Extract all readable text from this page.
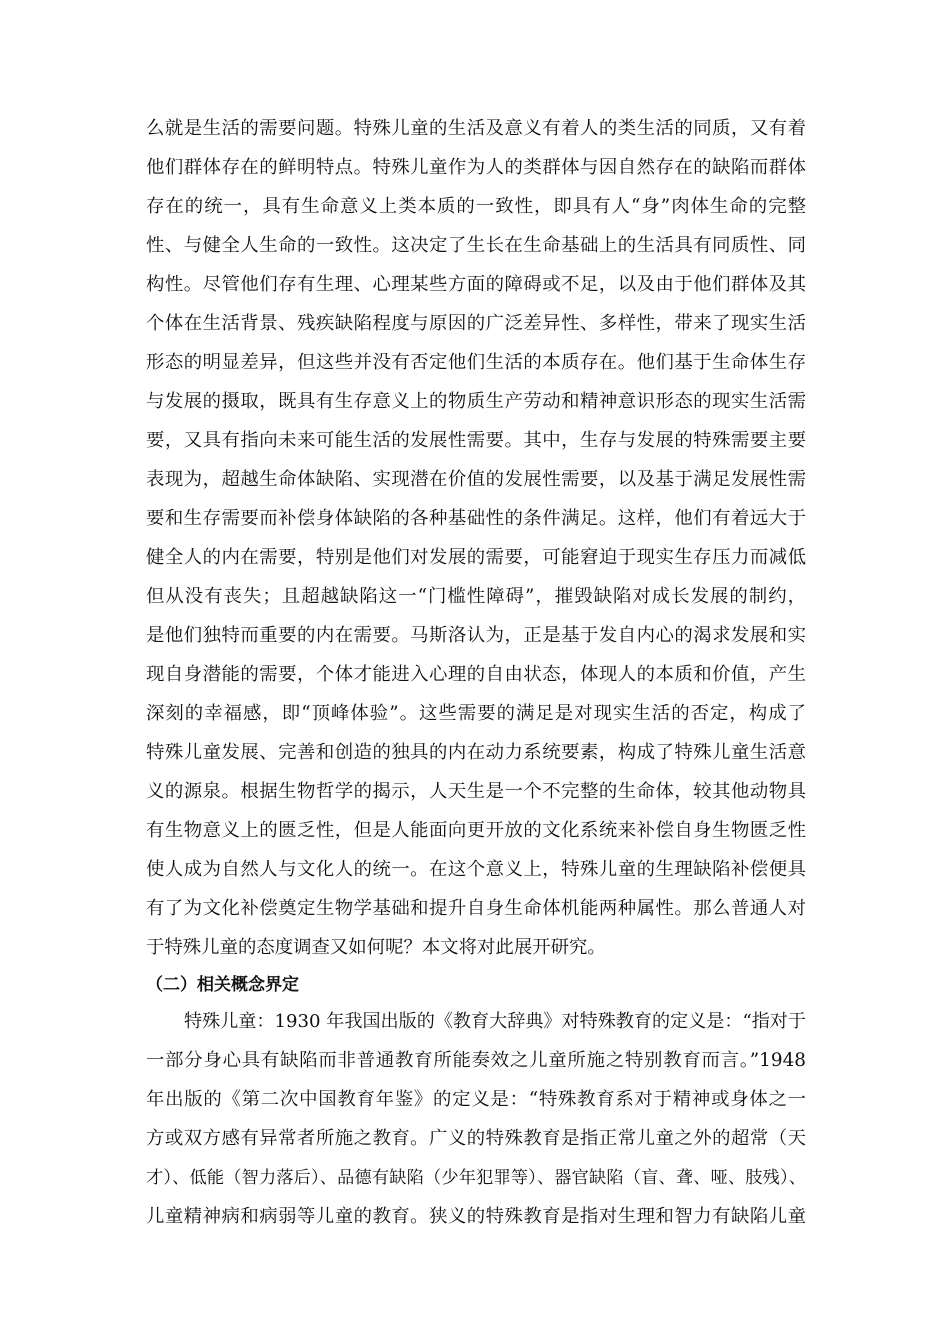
么就是生活的需要问题。特殊儿童的生活及意义有着人的类生活的同质，又有着
他们群体存在的鲜明特点。特殊儿童作为人的类群体与因自然存在的缺陷而群体
存在的统一，具有生命意义上类本质的一致性，即具有人“身”肉体生命的完整
性、与健全人生命的一致性。这决定了生长在生命基础上的生活具有同质性、同
构性。尽管他们存有生理、心理某些方面的障碍或不足，以及由于他们群体及其
个体在生活背景、残疾缺陷程度与原因的广泛差异性、多样性，带来了现实生活
形态的明显差异，但这些并没有否定他们生活的本质存在。他们基于生命体生存
与发展的摄取，既具有生存意义上的物质生产劳动和精神意识形态的现实生活需
要，又具有指向未来可能生活的发展性需要。其中，生存与发展的特殊需要主要
表现为，超越生命体缺陷、实现潜在价值的发展性需要，以及基于满足发展性需
要和生存需要而补偿身体缺陷的各种基础性的条件满足。这样，他们有着远大于
健全人的内在需要，特别是他们对发展的需要，可能窘迫于现实生存压力而减低
但从没有丧失；且超越缺陷这一“门槛性障碍”，摧毁缺陷对成长发展的制约，
是他们独特而重要的内在需要。马斯洛认为，正是基于发自内心的渴求发展和实
现自身潜能的需要，个体才能进入心理的自由状态，体现人的本质和价值，产生
深刻的幸福感，即“顶峰体验”。这些需要的满足是对现实生活的否定，构成了
特殊儿童发展、完善和创造的独具的内在动力系统要素，构成了特殊儿童生活意
义的源泉。根据生物哲学的揭示，人天生是一个不完整的生命体，较其他动物具
有生物意义上的匮乏性，但是人能面向更开放的文化系统来补偿自身生物匮乏性
使人成为自然人与文化人的统一。在这个意义上，特殊儿童的生理缺陷补偿便具
有了为文化补偿奠定生物学基础和提升自身生命体机能两种属性。那么普通人对
于特殊儿童的态度调查又如何呢？本文将对此展开研究。
（二）相关概念界定
特殊儿童：1930 年我国出版的《教育大辞典》对特殊教育的定义是：“指对于
一部分身心具有缺陷而非普通教育所能奏效之儿童所施之特别教育而言。”1948
年出版的《第二次中国教育年鉴》的定义是：“特殊教育系对于精神或身体之一
方或双方感有异常者所施之教育。广义的特殊教育是指正常儿童之外的超常（天
才）、低能（智力落后）、品德有缺陷（少年犯罪等）、器官缺陷（盲、聋、哑、肢残）、
儿童精神病和病弱等儿童的教育。狭义的特殊教育是指对生理和智力有缺陷儿童
